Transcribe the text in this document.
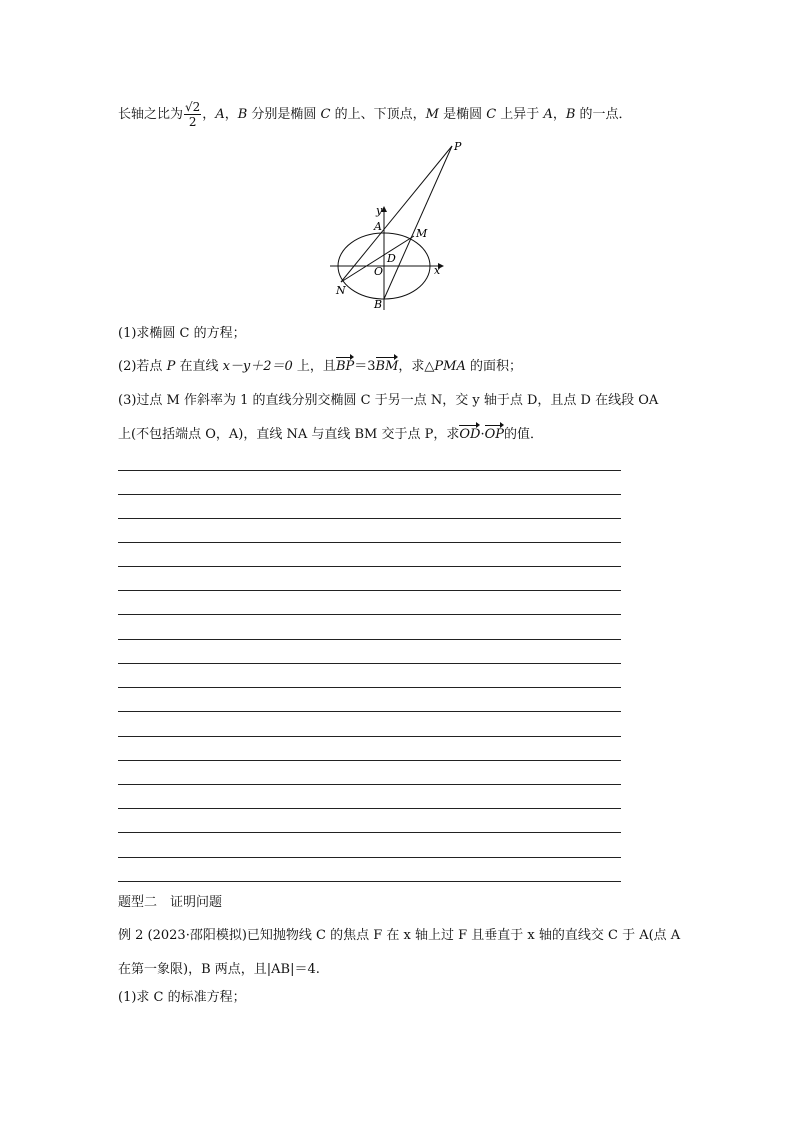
长轴之比为 $\frac{√2}{2}$ ，A，B 分别是椭圆 C 的上、下顶点，M 是椭圆 C 上异于 A，B 的一点．
P
y
A
M
D
O	x
N
B
(1)求椭圆 C 的方程；
(2)若点 P 在直线 x－y＋2＝0 上，且BP＝3BM，求△PMA 的面积；
(3)过点 M 作斜率为 1 的直线分别交椭圆 C 于另一点 N，交 y 轴于点 D，且点 D 在线段 OA
上(不包括端点 O，A)，直线 NA 与直线 BM 交于点 P，求OD·OP的值．
题型二　证明问题
例 2 (2023·邵阳模拟)已知抛物线 C 的焦点 F 在 x 轴上过 F 且垂直于 x 轴的直线交 C 于 A(点 A
在第一象限)，B 两点，且|AB|＝4.
(1)求 C 的标准方程；
